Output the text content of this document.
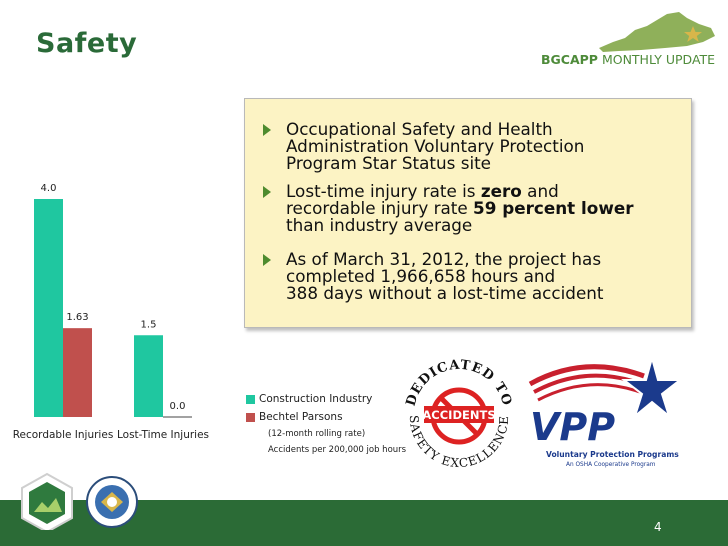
Safety
BGCAPP MONTHLY UPDATE
4.0
1.63
Recordable Injuries
1.5
0.0
Lost-Time Injuries
Construction Industry
Bechtel Parsons
(12-month rolling rate)
Accidents per 200,000 job hours
Occupational Safety and Health
Administration Voluntary Protection
Program Star Status site
Lost-time injury rate is zero and
recordable injury rate 59 percent lower
than industry average
As of March 31, 2012, the project has
completed 1,966,658 hours and
388 days without a lost-time accident
DEDICATED TO
SAFETY EXCELLENCE
ACCIDENTS VPP
Voluntary Protection Programs
An OSHA Cooperative Program
4
